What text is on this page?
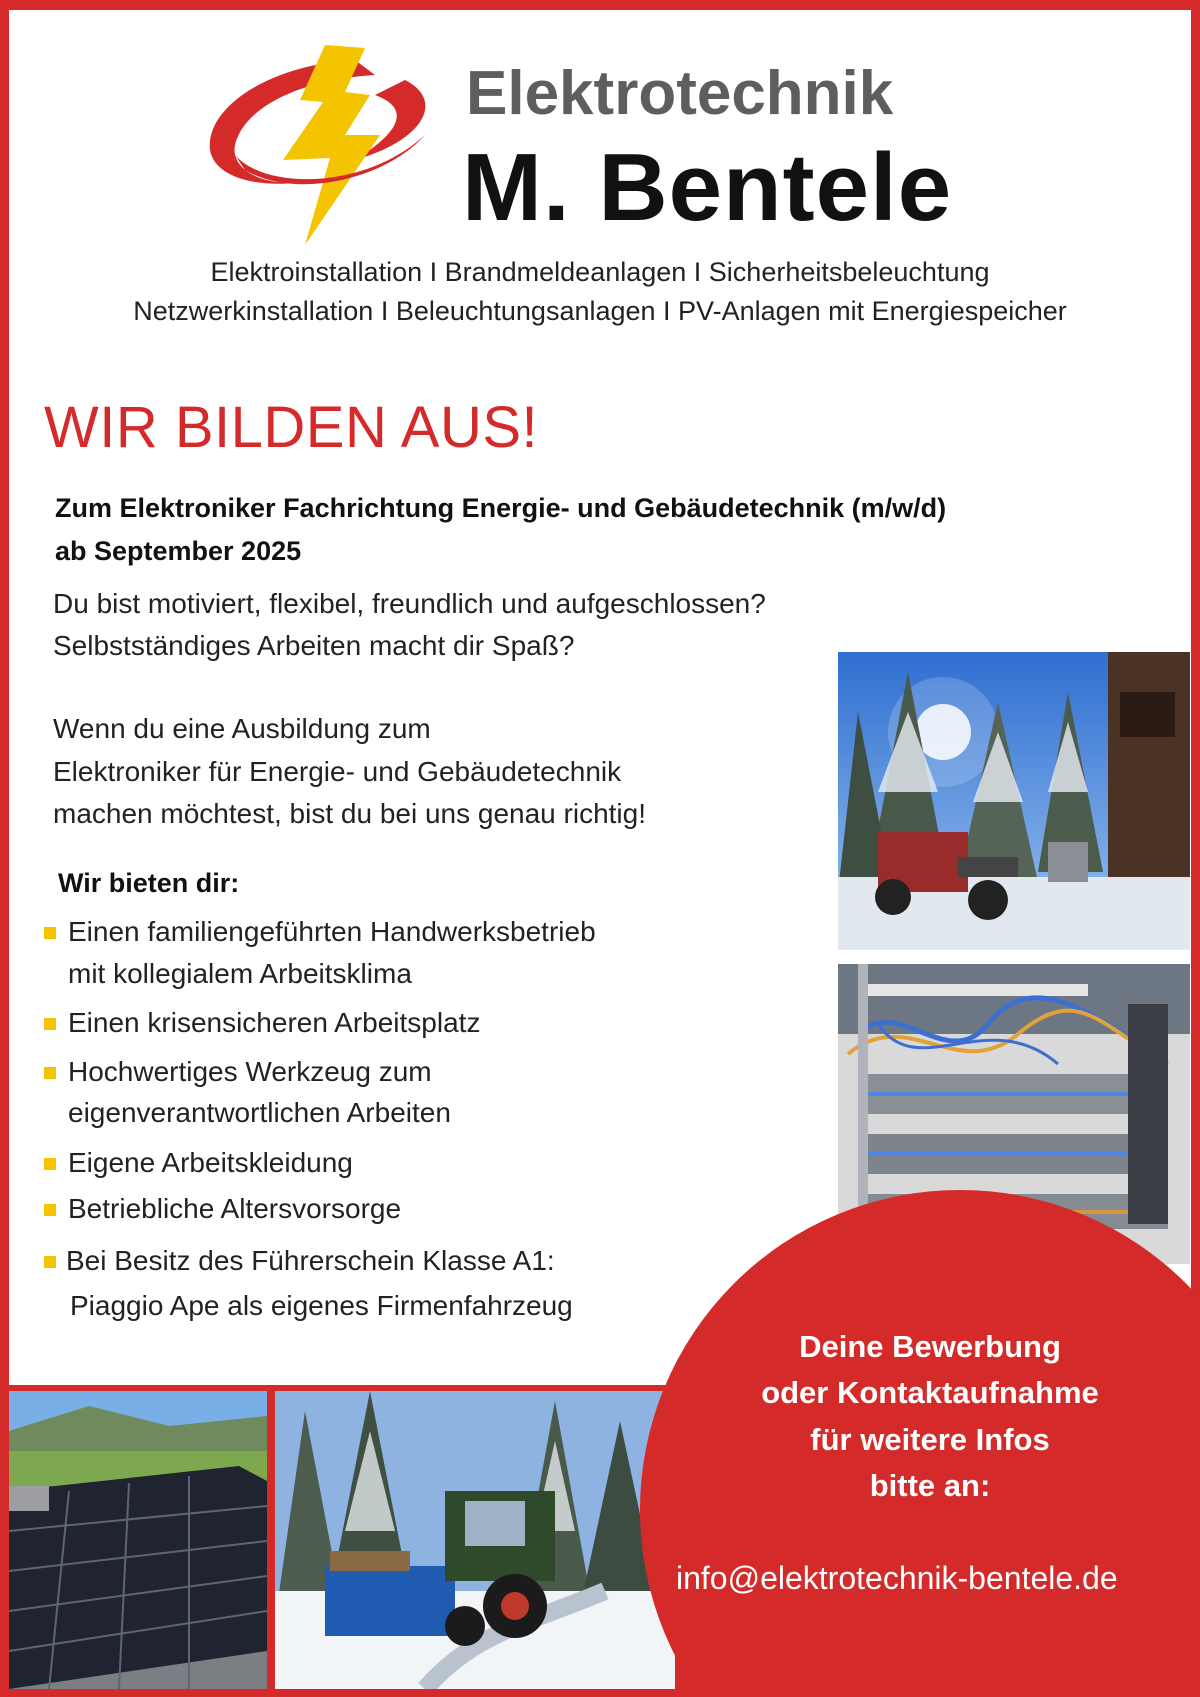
Elektrotechnik
M. Bentele
Elektroinstallation I Brandmeldeanlagen I Sicherheitsbeleuchtung
Netzwerkinstallation I Beleuchtungsanlagen I PV-Anlagen mit Energiespeicher
WIR BILDEN AUS!
Zum Elektroniker Fachrichtung Energie- und Gebäudetechnik (m/w/d)
ab September 2025
Du bist motiviert, flexibel, freundlich und aufgeschlossen?
Selbstständiges Arbeiten macht dir Spaß?
Wenn du eine Ausbildung zum
Elektroniker für Energie- und Gebäudetechnik
machen möchtest, bist du bei uns genau richtig!
Wir bieten dir:
Einen familiengeführten Handwerksbetrieb
mit kollegialem Arbeitsklima
Einen krisensicheren Arbeitsplatz
Hochwertiges Werkzeug zum
eigenverantwortlichen Arbeiten
Eigene Arbeitskleidung
Betriebliche Altersvorsorge
Bei Besitz des Führerschein Klasse A1:
Piaggio Ape als eigenes Firmenfahrzeug
Deine Bewerbung
oder Kontaktaufnahme
für weitere Infos
bitte an:
info@elektrotechnik-bentele.de
